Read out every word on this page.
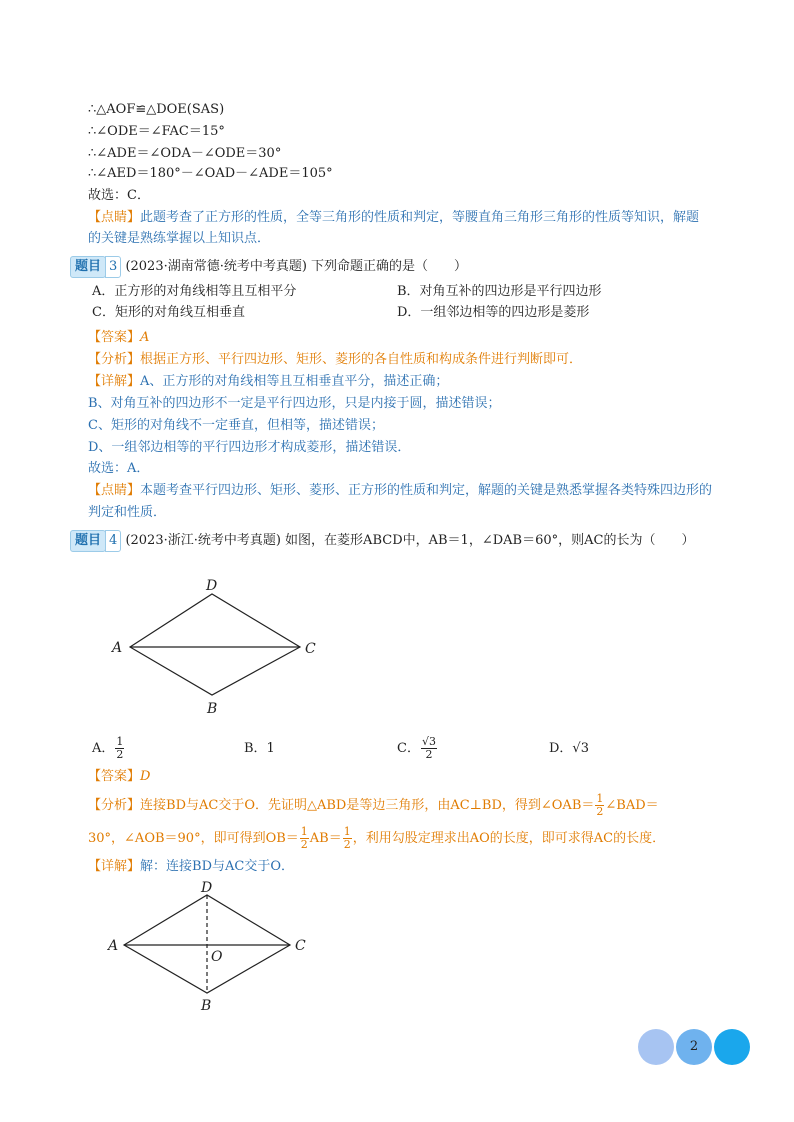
∴△AOF≌△DOE(SAS)
∴∠ODE＝∠FAC＝15°
∴∠ADE＝∠ODA－∠ODE＝30°
∴∠AED＝180°－∠OAD－∠ADE＝105°
故选：C．
【点睛】此题考查了正方形的性质，全等三角形的性质和判定，等腰直角三角形三角形的性质等知识，解题
的关键是熟练掌握以上知识点．
题目 3 (2023·湖南常德·统考中考真题) 下列命题正确的是（　　）
A．正方形的对角线相等且互相平分	B．对角互补的四边形是平行四边形
C．矩形的对角线互相垂直	D．一组邻边相等的四边形是菱形
【答案】A
【分析】根据正方形、平行四边形、矩形、菱形的各自性质和构成条件进行判断即可．
【详解】A、正方形的对角线相等且互相垂直平分，描述正确；
B、对角互补的四边形不一定是平行四边形，只是内接于圆，描述错误；
C、矩形的对角线不一定垂直，但相等，描述错误；
D、一组邻边相等的平行四边形才构成菱形，描述错误．
故选：A．
【点睛】本题考查平行四边形、矩形、菱形、正方形的性质和判定，解题的关键是熟悉掌握各类特殊四边形的
判定和性质．
题目 4 (2023·浙江·统考中考真题) 如图，在菱形ABCD中，AB＝1，∠DAB＝60°，则AC的长为（　　）
D
A	C
B
A． $\frac{1}{2}$	B．1	C． $\frac{√3}{2}$	D．√3
【答案】D
【分析】连接BD与AC交于O．先证明△ABD是等边三角形，由AC⊥BD，得到∠OAB＝ $\frac{1}{2}$ ∠BAD＝
30°，∠AOB＝90°，即可得到$OB= \frac{1}{2} AB= \frac{1}{2}$ ，利用勾股定理求出AO的长度，即可求得AC的长度．
【详解】解：连接BD与AC交于O．
D
A	C
O
B
2
